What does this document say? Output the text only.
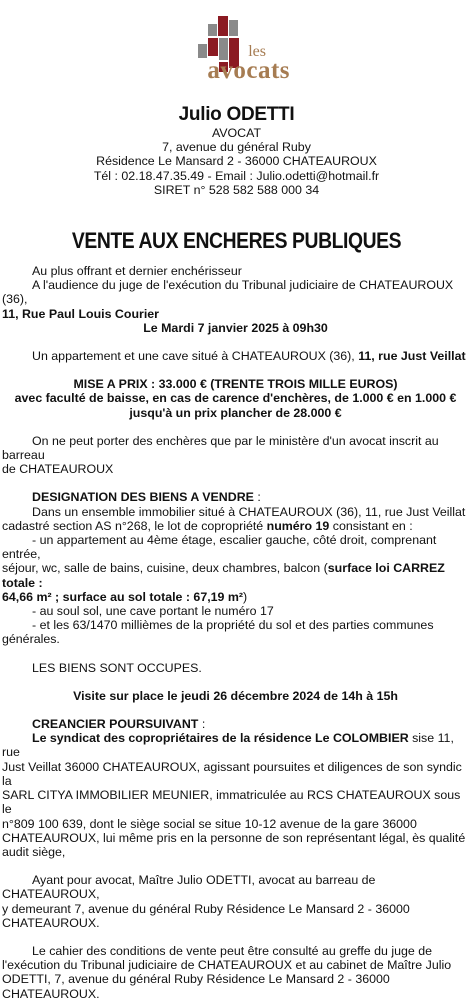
les
avocats
Julio ODETTI
AVOCAT
7, avenue du général Ruby
Résidence Le Mansard 2 - 36000 CHATEAUROUX
Tél : 02.18.47.35.49 - Email : Julio.odetti@hotmail.fr
SIRET n° 528 582 588 000 34
VENTE AUX ENCHERES PUBLIQUES

Au plus offrant et dernier enchérisseur

A l'audience du juge de l'exécution du Tribunal judiciaire de CHATEAUROUX (36),

11, Rue Paul Louis Courier

Le Mardi 7 janvier 2025 à 09h30

Un appartement et une cave situé à CHATEAUROUX (36), 11, rue Just Veillat

MISE A PRIX : 33.000 € (TRENTE TROIS MILLE EUROS)

avec faculté de baisse, en cas de carence d'enchères, de 1.000 € en 1.000 €

jusqu'à un prix plancher de 28.000 €

On ne peut porter des enchères que par le ministère d'un avocat inscrit au barreau

de CHATEAUROUX

DESIGNATION DES BIENS A VENDRE :

Dans un ensemble immobilier situé à CHATEAUROUX (36), 11, rue Just Veillat

cadastré section AS n°268, le lot de copropriété numéro 19 consistant en :

- un appartement au 4ème étage, escalier gauche, côté droit, comprenant entrée,

séjour, wc, salle de bains, cuisine, deux chambres, balcon (surface loi CARREZ totale :

64,66 m² ; surface au sol totale : 67,19 m²)

- au soul sol, une cave portant le numéro 17

- et les 63/1470 millièmes de la propriété du sol et des parties communes générales.

LES BIENS SONT OCCUPES.

Visite sur place le jeudi 26 décembre 2024 de 14h à 15h

CREANCIER POURSUIVANT :

Le syndicat des copropriétaires de la résidence Le COLOMBIER sise 11, rue

Just Veillat 36000 CHATEAUROUX, agissant poursuites et diligences de son syndic la

SARL CITYA IMMOBILIER MEUNIER, immatriculée au RCS CHATEAUROUX sous le

n°809 100 639, dont le siège social se situe 10-12 avenue de la gare 36000

CHATEAUROUX, lui même pris en la personne de son représentant légal, ès qualité

audit siège,

Ayant pour avocat, Maître Julio ODETTI, avocat au barreau de CHATEAUROUX,

y demeurant 7, avenue du général Ruby Résidence Le Mansard 2 - 36000

CHATEAUROUX.

Le cahier des conditions de vente peut être consulté au greffe du juge de

l'exécution du Tribunal judiciaire de CHATEAUROUX et au cabinet de Maître Julio

ODETTI, 7, avenue du général Ruby Résidence Le Mansard 2 - 36000

CHATEAUROUX.
